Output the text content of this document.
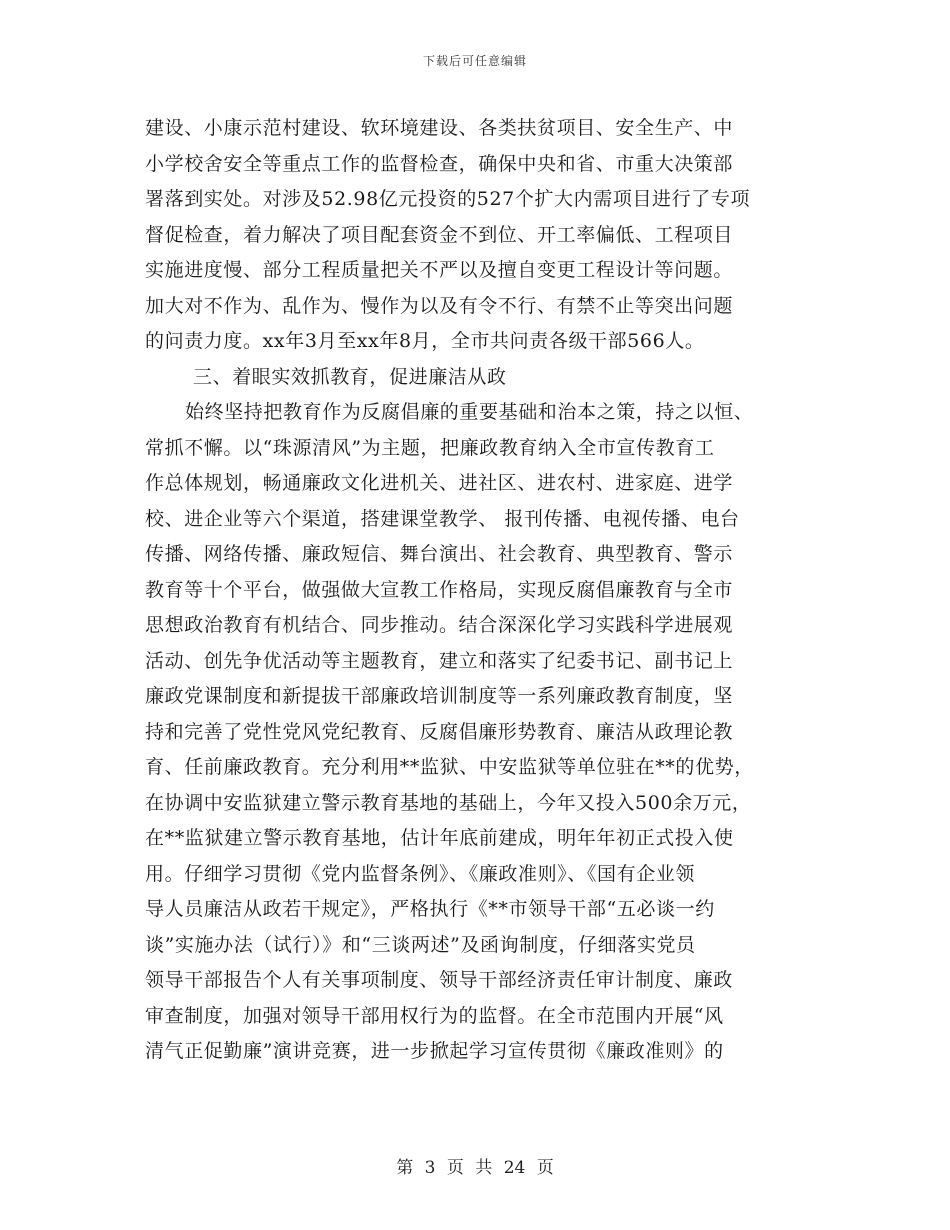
下载后可任意编辑
建设、小康示范村建设、软环境建设、各类扶贫项目、安全生产、中
小学校舍安全等重点工作的监督检查，确保中央和省、市重大决策部
署落到实处。对涉及52.98亿元投资的527个扩大内需项目进行了专项
督促检查，着力解决了项目配套资金不到位、开工率偏低、工程项目
实施进度慢、部分工程质量把关不严以及擅自变更工程设计等问题。
加大对不作为、乱作为、慢作为以及有令不行、有禁不止等突出问题
的问责力度。xx年3月至xx年8月，全市共问责各级干部566人。
三、着眼实效抓教育，促进廉洁从政
始终坚持把教育作为反腐倡廉的重要基础和治本之策，持之以恒、
常抓不懈。以“珠源清风”为主题，把廉政教育纳入全市宣传教育工
作总体规划，畅通廉政文化进机关、进社区、进农村、进家庭、进学
校、进企业等六个渠道，搭建课堂教学、 报刊传播、电视传播、电台
传播、网络传播、廉政短信、舞台演出、社会教育、典型教育、警示
教育等十个平台，做强做大宣教工作格局，实现反腐倡廉教育与全市
思想政治教育有机结合、同步推动。结合深深化学习实践科学进展观
活动、创先争优活动等主题教育，建立和落实了纪委书记、副书记上
廉政党课制度和新提拔干部廉政培训制度等一系列廉政教育制度，坚
持和完善了党性党风党纪教育、反腐倡廉形势教育、廉洁从政理论教
育、任前廉政教育。充分利用**监狱、中安监狱等单位驻在**的优势，
在协调中安监狱建立警示教育基地的基础上，今年又投入500余万元，
在**监狱建立警示教育基地，估计年底前建成，明年年初正式投入使
用。仔细学习贯彻《党内监督条例》、《廉政准则》、《国有企业领
导人员廉洁从政若干规定》，严格执行《**市领导干部“五必谈一约
谈”实施办法（试行）》和“三谈两述”及函询制度，仔细落实党员
领导干部报告个人有关事项制度、领导干部经济责任审计制度、廉政
审查制度，加强对领导干部用权行为的监督。在全市范围内开展“风
清气正促勤廉”演讲竞赛，进一步掀起学习宣传贯彻《廉政准则》的
第 3 页 共 24 页
